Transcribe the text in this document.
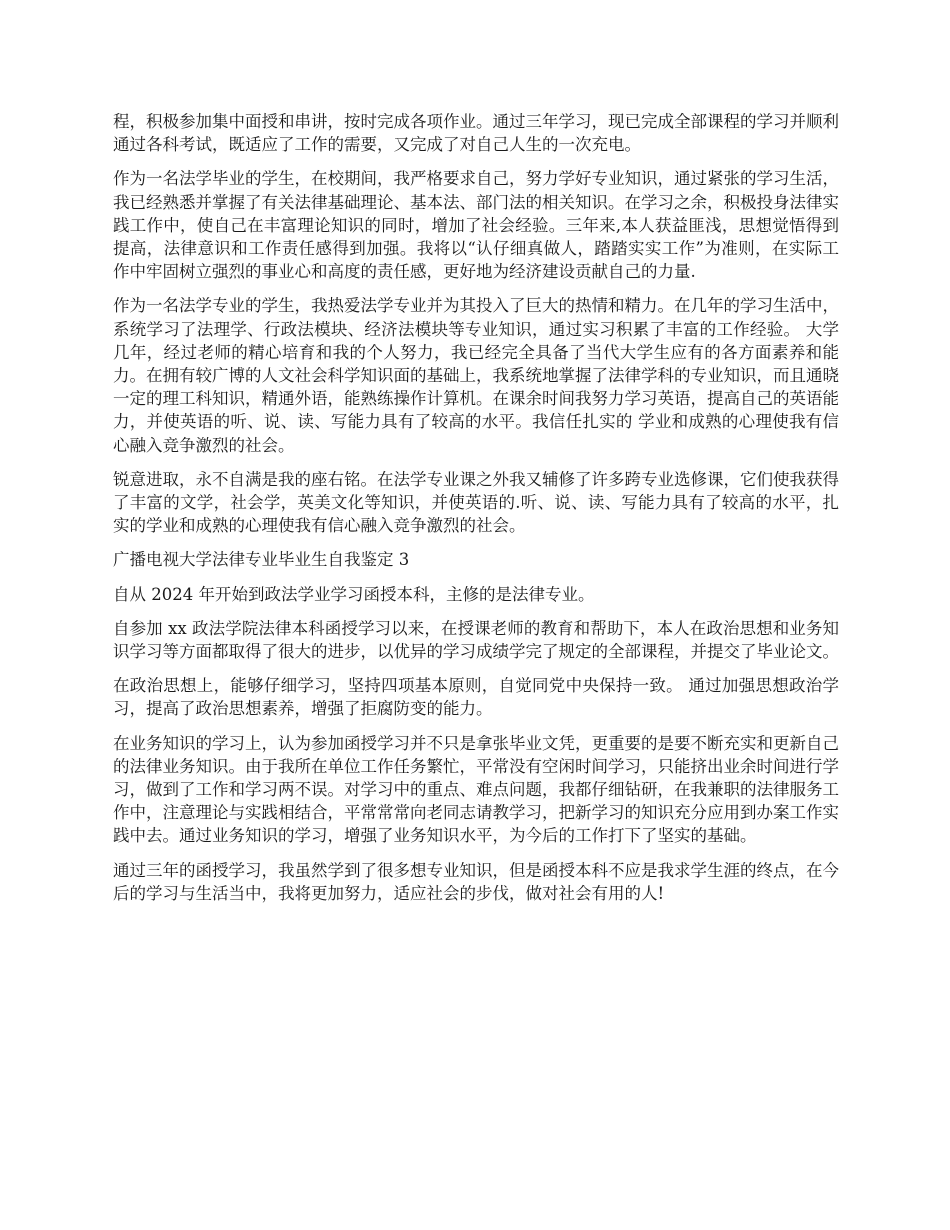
程，积极参加集中面授和串讲，按时完成各项作业。通过三年学习，现已完成全部课程的学习并顺利通过各科考试，既适应了工作的需要，又完成了对自己人生的一次充电。

作为一名法学毕业的学生，在校期间，我严格要求自己，努力学好专业知识，通过紧张的学习生活，我已经熟悉并掌握了有关法律基础理论、基本法、部门法的相关知识。在学习之余，积极投身法律实践工作中，使自己在丰富理论知识的同时，增加了社会经验。三年来,本人获益匪浅，思想觉悟得到提高，法律意识和工作责任感得到加强。我将以“认仔细真做人，踏踏实实工作”为准则，在实际工作中牢固树立强烈的事业心和高度的责任感，更好地为经济建设贡献自己的力量.

作为一名法学专业的学生，我热爱法学专业并为其投入了巨大的热情和精力。在几年的学习生活中，系统学习了法理学、行政法模块、经济法模块等专业知识，通过实习积累了丰富的工作经验。 大学几年，经过老师的精心培育和我的个人努力，我已经完全具备了当代大学生应有的各方面素养和能力。在拥有较广博的人文社会科学知识面的基础上，我系统地掌握了法律学科的专业知识，而且通晓一定的理工科知识，精通外语，能熟练操作计算机。在课余时间我努力学习英语，提高自己的英语能力，并使英语的听、说、读、写能力具有了较高的水平。我信任扎实的 学业和成熟的心理使我有信心融入竞争激烈的社会。

锐意进取，永不自满是我的座右铭。在法学专业课之外我又辅修了许多跨专业选修课，它们使我获得了丰富的文学，社会学，英美文化等知识，并使英语的.听、说、读、写能力具有了较高的水平，扎实的学业和成熟的心理使我有信心融入竞争激烈的社会。

广播电视大学法律专业毕业生自我鉴定 3

自从 2024 年开始到政法学业学习函授本科，主修的是法律专业。

自参加 xx 政法学院法律本科函授学习以来，在授课老师的教育和帮助下，本人在政治思想和业务知识学习等方面都取得了很大的进步，以优异的学习成绩学完了规定的全部课程，并提交了毕业论文。

在政治思想上，能够仔细学习，坚持四项基本原则，自觉同党中央保持一致。 通过加强思想政治学习，提高了政治思想素养，增强了拒腐防变的能力。

在业务知识的学习上，认为参加函授学习并不只是拿张毕业文凭，更重要的是要不断充实和更新自己的法律业务知识。由于我所在单位工作任务繁忙，平常没有空闲时间学习，只能挤出业余时间进行学习，做到了工作和学习两不误。对学习中的重点、难点问题，我都仔细钻研，在我兼职的法律服务工作中，注意理论与实践相结合，平常常常向老同志请教学习，把新学习的知识充分应用到办案工作实践中去。通过业务知识的学习，增强了业务知识水平，为今后的工作打下了坚实的基础。

通过三年的函授学习，我虽然学到了很多想专业知识，但是函授本科不应是我求学生涯的终点，在今后的学习与生活当中，我将更加努力，适应社会的步伐，做对社会有用的人!
